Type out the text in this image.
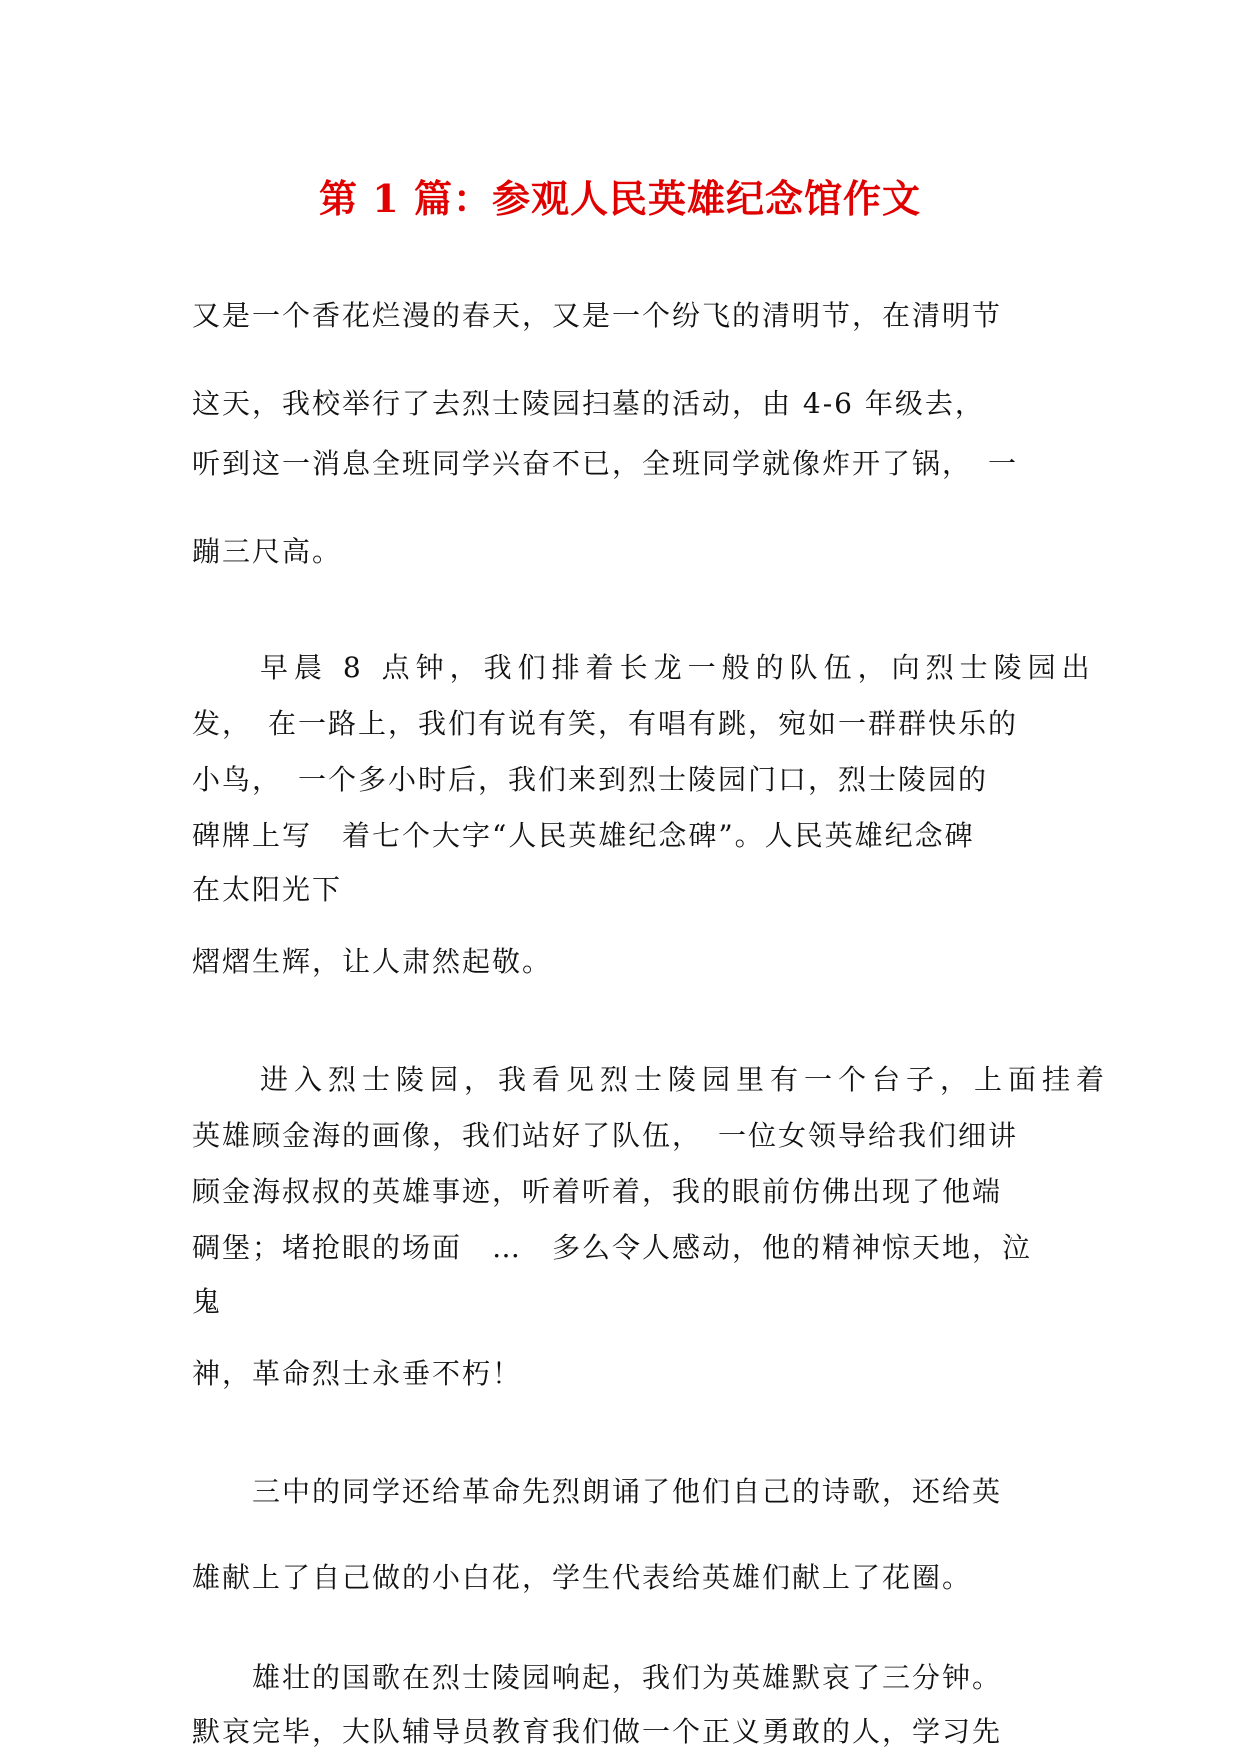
第 1 篇：参观人民英雄纪念馆作文
又是一个香花烂漫的春天，又是一个纷飞的清明节，在清明节
这天，我校举行了去烈士陵园扫墓的活动，由 4-6 年级去，
听到这一消息全班同学兴奋不已，全班同学就像炸开了锅，　一
蹦三尺高。
　　早晨 8 点钟，我们排着长龙一般的队伍，向烈士陵园出
发，　在一路上，我们有说有笑，有唱有跳，宛如一群群快乐的
小鸟，　一个多小时后，我们来到烈士陵园门口，烈士陵园的
碑牌上写　着七个大字“人民英雄纪念碑”。人民英雄纪念碑
在太阳光下
熠熠生辉，让人肃然起敬。
　　进入烈士陵园，我看见烈士陵园里有一个台子，上面挂着
英雄顾金海的画像，我们站好了队伍，　一位女领导给我们细讲
顾金海叔叔的英雄事迹，听着听着，我的眼前仿佛出现了他端
碉堡；堵抢眼的场面　…　多么令人感动，他的精神惊天地，泣
鬼
神，革命烈士永垂不朽！
　　三中的同学还给革命先烈朗诵了他们自己的诗歌，还给英
雄献上了自己做的小白花，学生代表给英雄们献上了花圈。
　　雄壮的国歌在烈士陵园响起，我们为英雄默哀了三分钟。
默哀完毕，大队辅导员教育我们做一个正义勇敢的人，学习先
